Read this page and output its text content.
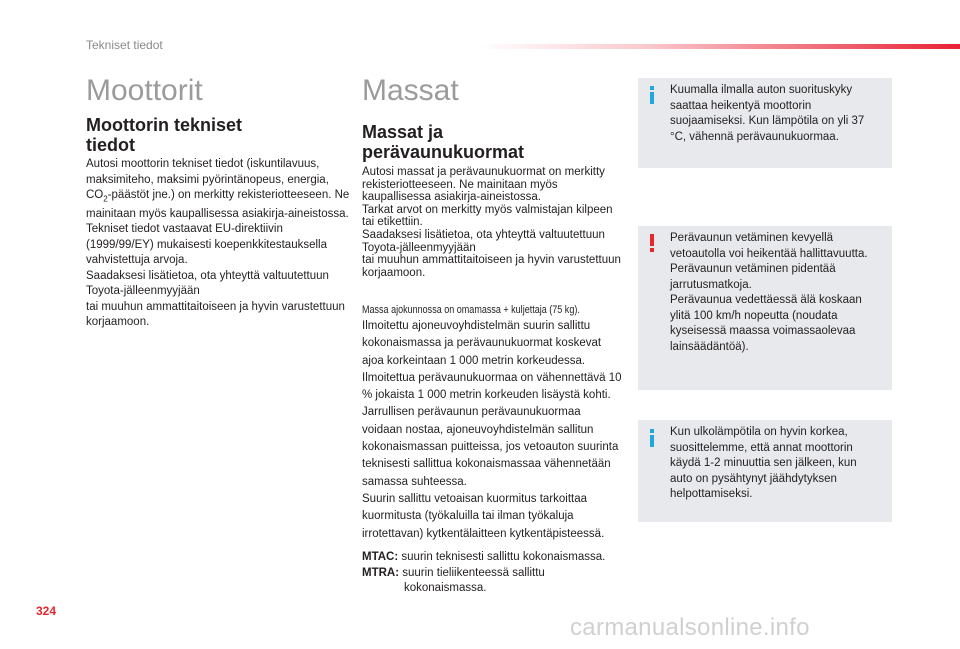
Tekniset tiedot
Moottorit
Moottorin tekniset
tiedot

Autosi moottorin tekniset tiedot (iskuntilavuus, maksimiteho, maksimi pyörintänopeus, energia, $CO_2$-päästöt jne.) on merkitty rekisteriotteeseen. Ne mainitaan myös kaupallisessa asiakirja-aineistossa.
Tekniset tiedot vastaavat EU-direktiivin (1999/99/EY) mukaisesti koepenkkitestauksella vahvistettuja arvoja.
Saadaksesi lisätietoa, ota yhteyttä valtuutettuun Toyota-jälleenmyyjään
tai muuhun ammattitaitoiseen ja hyvin varustettuun korjaamoon.

Massat
Massat ja
perävaunukuormat

Autosi massat ja perävaunukuormat on merkitty rekisteriotteeseen. Ne mainitaan myös kaupallisessa asiakirja-aineistossa.
Tarkat arvot on merkitty myös valmistajan kilpeen tai etikettiin.
Saadaksesi lisätietoa, ota yhteyttä valtuutettuun Toyota-jälleenmyyjään
tai muuhun ammattitaitoiseen ja hyvin varustettuun korjaamoon.

Massa ajokunnossa on omamassa + kuljettaja (75 kg).

Ilmoitettu ajoneuvoyhdistelmän suurin sallittu kokonaismassa ja perävaunukuormat koskevat ajoa korkeintaan 1 000 metrin korkeudessa. Ilmoitettua perävaunukuormaa on vähennettävä 10 % jokaista 1 000 metrin korkeuden lisäystä kohti.
Jarrullisen perävaunun perävaunukuormaa voidaan nostaa, ajoneuvoyhdistelmän sallitun kokonaismassan puitteissa, jos vetoauton suurinta teknisesti sallittua kokonaismassaa vähennetään samassa suhteessa.
Suurin sallittu vetoaisan kuormitus tarkoittaa kuormitusta (työkaluilla tai ilman työkaluja irrotettavan) kytkentälaitteen kytkentäpisteessä.

MTAC: suurin teknisesti sallittu kokonaismassa.
MTRA: suurin tieliikenteessä sallittu
kokonaismassa.
Kuumalla ilmalla auton suorituskyky saattaa heikentyä moottorin suojaamiseksi. Kun lämpötila on yli 37 °C, vähennä perävaunukuormaa.
Perävaunun vetäminen kevyellä vetoautolla voi heikentää hallittavuutta. Perävaunun vetäminen pidentää jarrutusmatkoja.
Perävaunua vedettäessä älä koskaan ylitä 100 km/h nopeutta (noudata kyseisessä maassa voimassaolevaa lainsäädäntöä).
Kun ulkolämpötila on hyvin korkea, suosittelemme, että annat moottorin käydä 1-2 minuuttia sen jälkeen, kun auto on pysähtynyt jäähdytyksen helpottamiseksi.
324
carmanualsonline.info
